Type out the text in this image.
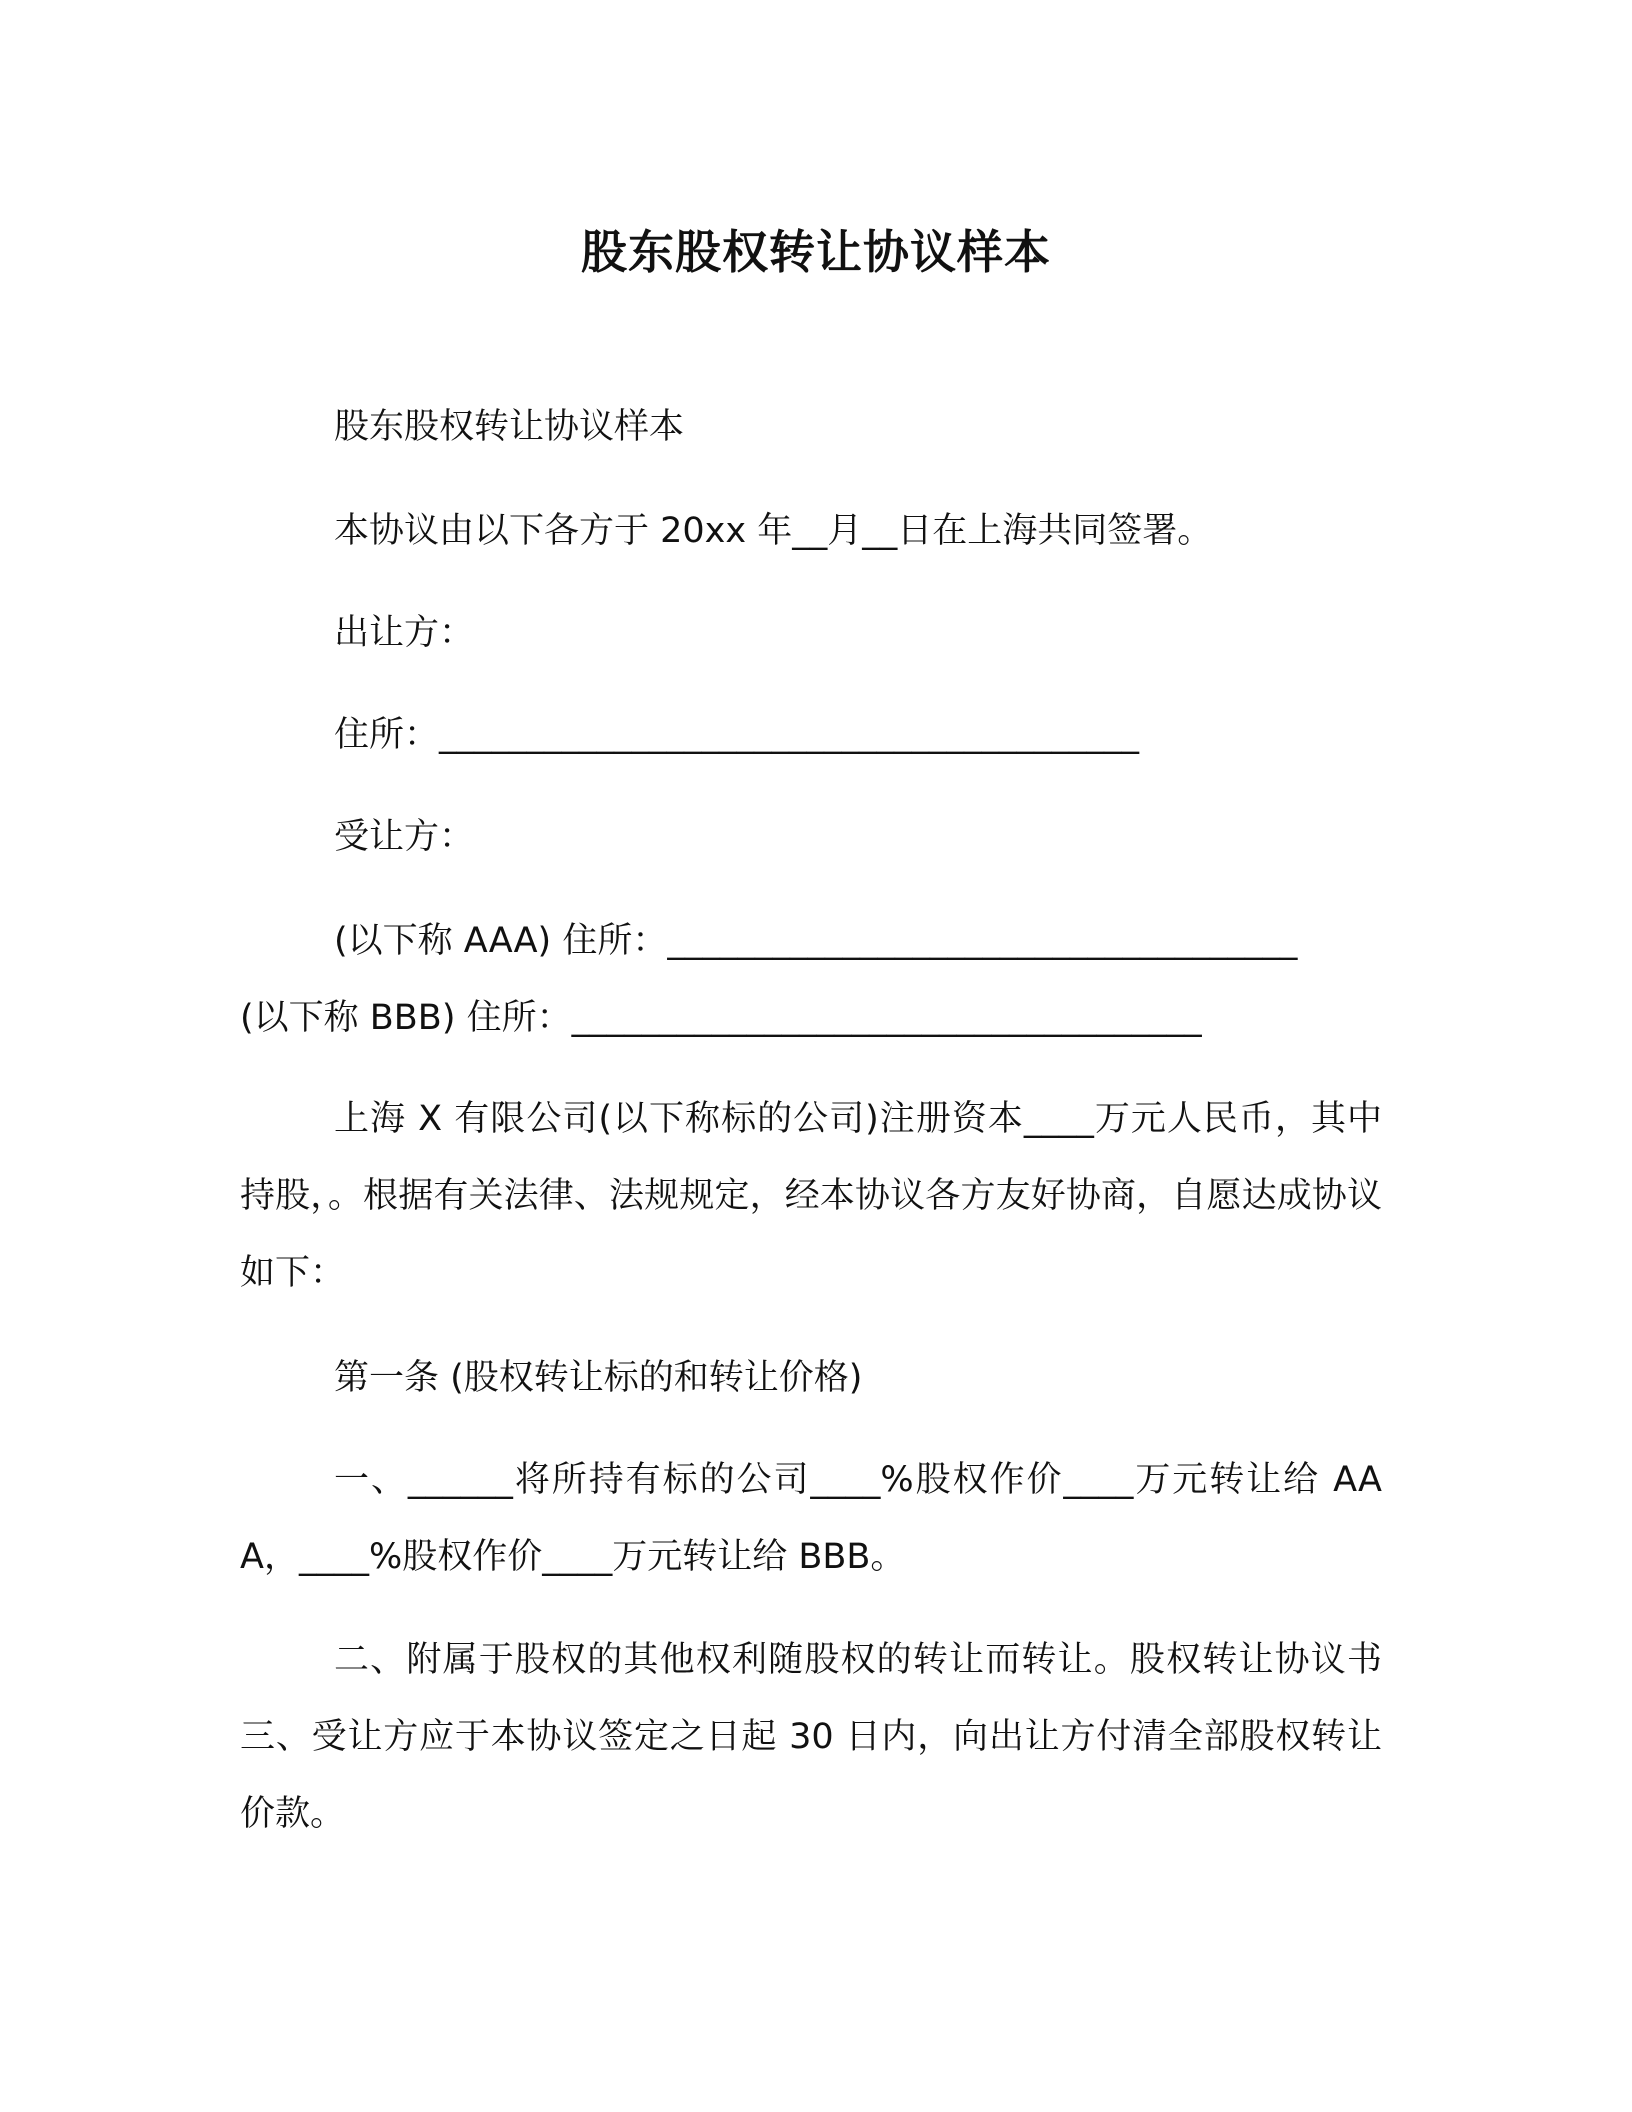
股东股权转让协议样本

股东股权转让协议样本

本协议由以下各方于 20xx 年__月__日在上海共同签署。

出让方：

住所：________________________________________

受让方：

(以下称 AAA) 住所：____________________________________

(以下称 BBB) 住所：____________________________________

上海 X 有限公司(以下称标的公司)注册资本____万元人民币，其中持股，。根据有关法律、法规规定，经本协议各方友好协商，自愿达成协议如下：

第一条 (股权转让标的和转让价格)

一、______将所持有标的公司____%股权作价____万元转让给 AAA，____%股权作价____万元转让给 BBB。

二、附属于股权的其他权利随股权的转让而转让。股权转让协议书三、受让方应于本协议签定之日起 30 日内，向出让方付清全部股权转让价款。
